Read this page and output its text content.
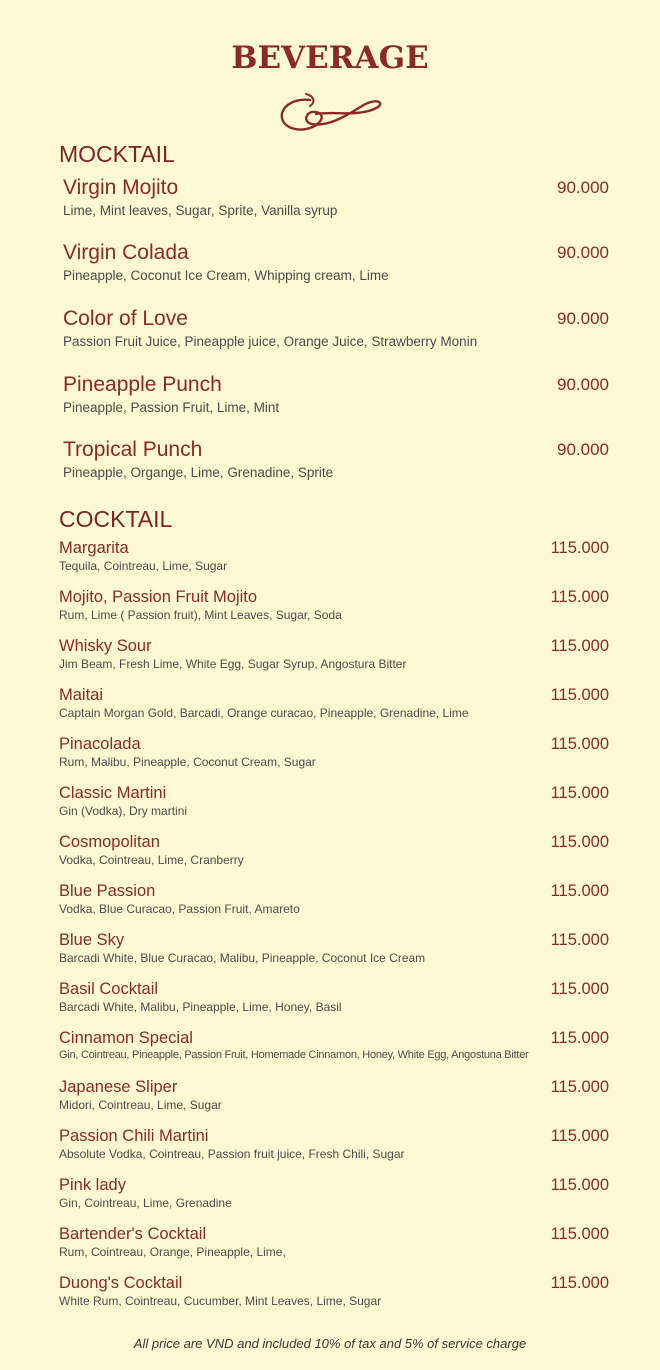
BEVERAGE
MOCKTAIL
Virgin Mojito	90.000
Lime, Mint leaves, Sugar, Sprite, Vanilla syrup
Virgin Colada	90.000
Pineapple, Coconut Ice Cream, Whipping cream, Lime
Color of Love	90.000
Passion Fruit Juice, Pineapple juice, Orange Juice, Strawberry Monin
Pineapple Punch	90.000
Pineapple, Passion Fruit, Lime, Mint
Tropical Punch	90.000
Pineapple, Organge, Lime, Grenadine, Sprite
COCKTAIL
Margarita	115.000
Tequila, Cointreau, Lime, Sugar
Mojito, Passion Fruit Mojito	115.000
Rum, Lime ( Passion fruit), Mint Leaves, Sugar, Soda
Whisky Sour	115.000
Jim Beam, Fresh Lime, White Egg, Sugar Syrup, Angostura Bitter
Maitai	115.000
Captain Morgan Gold, Barcadi, Orange curacao, Pineapple, Grenadine, Lime
Pinacolada	115.000
Rum, Malibu, Pineapple, Coconut Cream, Sugar
Classic Martini	115.000
Gin (Vodka), Dry martini
Cosmopolitan	115.000
Vodka, Cointreau, Lime, Cranberry
Blue Passion	115.000
Vodka, Blue Curacao, Passion Fruit, Amareto
Blue Sky	115.000
Barcadi White, Blue Curacao, Malibu, Pineapple, Coconut Ice Cream
Basil Cocktail	115.000
Barcadi White, Malibu, Pineapple, Lime, Honey, Basil
Cinnamon Special	115.000
Gin, Cointreau, Pineapple, Passion Fruit, Homemade Cinnamon, Honey, White Egg, Angostuna Bitter
Japanese Sliper	115.000
Midori, Cointreau, Lime, Sugar
Passion Chili Martini	115.000
Absolute Vodka, Cointreau, Passion fruit juice, Fresh Chili, Sugar
Pink lady	115.000
Gin, Cointreau, Lime, Grenadine
Bartender's Cocktail	115.000
Rum, Cointreau, Orange, Pineapple, Lime,
Duong's Cocktail	115.000
White Rum, Cointreau, Cucumber, Mint Leaves, Lime, Sugar

All price are VND and included 10% of tax and 5% of service charge
